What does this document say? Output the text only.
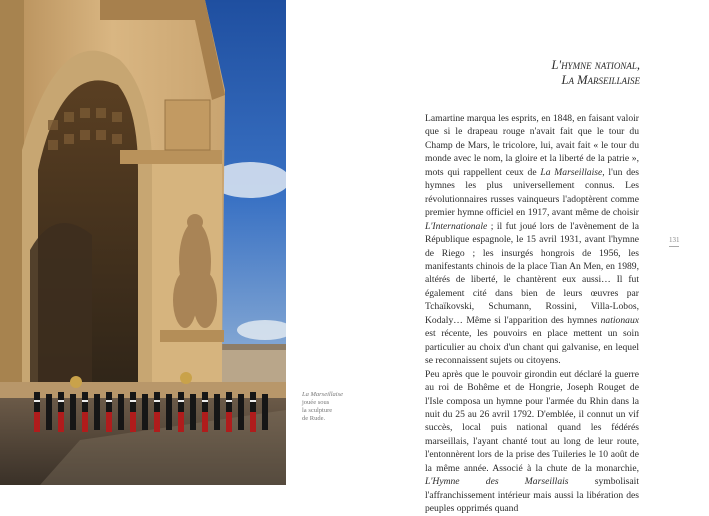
La Marseillaise
jouée sous
la sculpture
de Rude.
L'hymne national,
La Marseillaise

Lamartine marqua les esprits, en 1848, en faisant valoir que si le drapeau rouge n'avait fait que le tour du Champ de Mars, le tricolore, lui, avait fait « le tour du monde avec le nom, la gloire et la liberté de la patrie », mots qui rappellent ceux de La Marseillaise, l'un des hymnes les plus universellement connus. Les révolutionnaires russes vainqueurs l'adoptèrent comme premier hymne officiel en 1917, avant même de choisir L'Internationale ; il fut joué lors de l'avènement de la République espagnole, le 15 avril 1931, avant l'hymne de Riego ; les insurgés hongrois de 1956, les manifestants chinois de la place Tian An Men, en 1989, altérés de liberté, le chantèrent eux aussi… Il fut également cité dans bien de leurs œuvres par Tchaïkovski, Schumann, Rossini, Villa-Lobos, Kodaly… Même si l'apparition des hymnes nationaux est récente, les pouvoirs en place mettent un soin particulier au choix d'un chant qui galvanise, en lequel se reconnaissent sujets ou citoyens.

Peu après que le pouvoir girondin eut déclaré la guerre au roi de Bohême et de Hongrie, Joseph Rouget de l'Isle composa un hymne pour l'armée du Rhin dans la nuit du 25 au 26 avril 1792. D'emblée, il connut un vif succès, local puis national quand les fédérés marseillais, l'ayant chanté tout au long de leur route, l'entonnèrent lors de la prise des Tuileries le 10 août de la même année. Associé à la chute de la monarchie, L'Hymne des Marseillais symbolisait l'affranchissement intérieur mais aussi la libération des peuples opprimés quand

131
